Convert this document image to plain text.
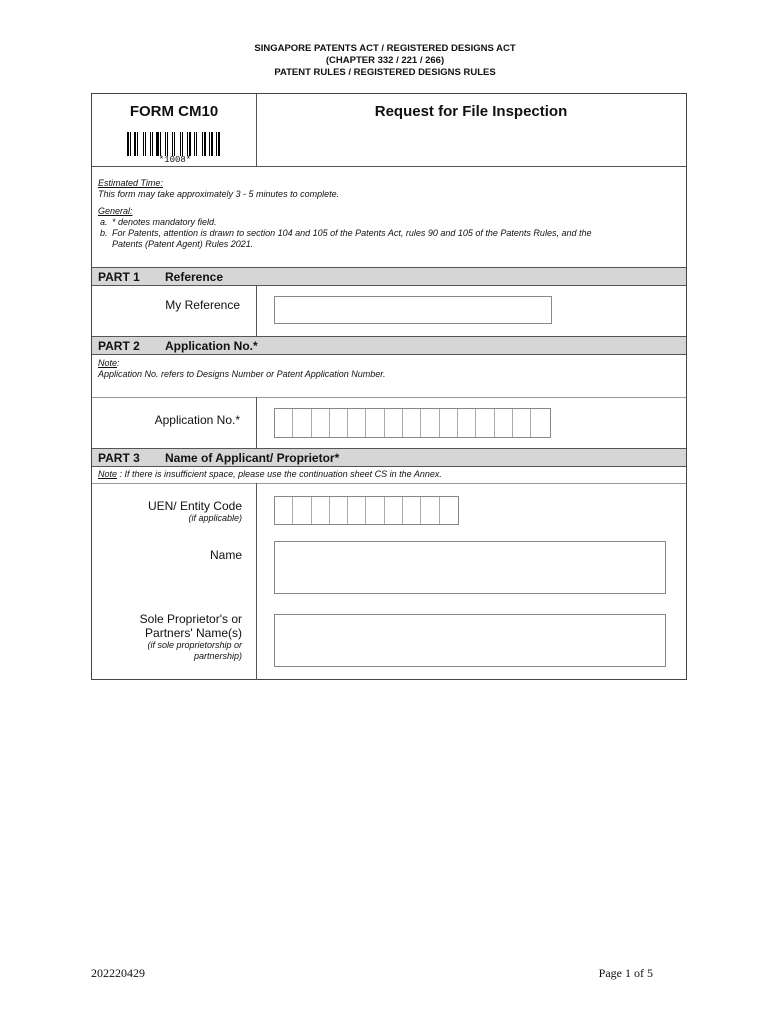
SINGAPORE PATENTS ACT / REGISTERED DESIGNS ACT
(CHAPTER 332 / 221 / 266)
PATENT RULES / REGISTERED DESIGNS RULES
FORM CM10
*1008*
Request for File Inspection
Estimated Time:
This form may take approximately 3 - 5 minutes to complete.
General:
a. * denotes mandatory field.
b. For Patents, attention is drawn to section 104 and 105 of the Patents Act, rules 90 and 105 of the Patents Rules, and the
Patents (Patent Agent) Rules 2021.
PART 1 Reference
My Reference
PART 2 Application No.*
Note:
Application No. refers to Designs Number or Patent Application Number.
Application No.*
PART 3 Name of Applicant/ Proprietor*
Note : If there is insufficient space, please use the continuation sheet CS in the Annex.
UEN/ Entity Code
(if applicable)
Name
Sole Proprietor's or
Partners' Name(s)
(if sole proprietorship or
partnership)
202220429	Page 1 of 5
